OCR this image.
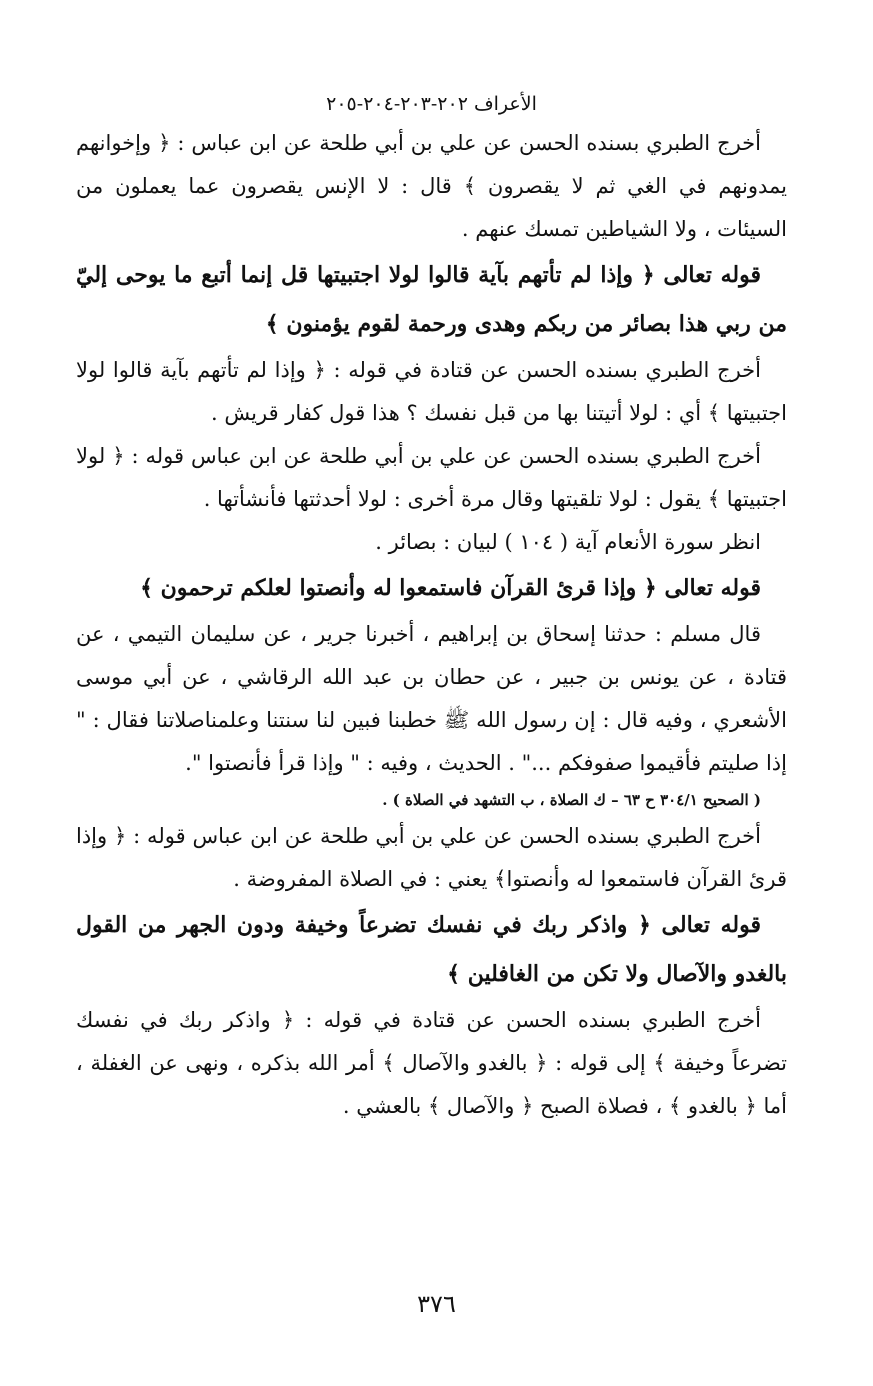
الأعراف ٢٠٢-٢٠٣-٢٠٤-٢٠٥

أخرج الطبري بسنده الحسن عن علي بن أبي طلحة عن ابن عباس : ﴿ وإخوانهم يمدونهم في الغي ثم لا يقصرون ﴾ قال : لا الإنس يقصرون عما يعملون من السيئات ، ولا الشياطين تمسك عنهم .

قوله تعالى ﴿ وإذا لم تأتهم بآية قالوا لولا اجتبيتها قل إنما أتبع ما يوحى إليّ من ربي هذا بصائر من ربكم وهدى ورحمة لقوم يؤمنون ﴾

أخرج الطبري بسنده الحسن عن قتادة في قوله : ﴿ وإذا لم تأتهم بآية قالوا لولا اجتبيتها ﴾ أي : لولا أتيتنا بها من قبل نفسك ؟ هذا قول كفار قريش .

أخرج الطبري بسنده الحسن عن علي بن أبي طلحة عن ابن عباس قوله : ﴿ لولا اجتبيتها ﴾ يقول : لولا تلقيتها وقال مرة أخرى : لولا أحدثتها فأنشأتها .

انظر سورة الأنعام آية ( ١٠٤ ) لبيان : بصائر .

قوله تعالى ﴿ وإذا قرئ القرآن فاستمعوا له وأنصتوا لعلكم ترحمون ﴾

قال مسلم : حدثنا إسحاق بن إبراهيم ، أخبرنا جرير ، عن سليمان التيمي ، عن قتادة ، عن يونس بن جبير ، عن حطان بن عبد الله الرقاشي ، عن أبي موسى الأشعري ، وفيه قال : إن رسول الله ﷺ خطبنا فبين لنا سنتنا وعلمناصلاتنا فقال : " إذا صليتم فأقيموا صفوفكم ..." . الحديث ، وفيه : " وإذا قرأ فأنصتوا ".

( الصحيح ٣٠٤/١ ح ٦٣ – ك الصلاة ، ب التشهد في الصلاة ) .

أخرج الطبري بسنده الحسن عن علي بن أبي طلحة عن ابن عباس قوله : ﴿ وإذا قرئ القرآن فاستمعوا له وأنصتوا﴾ يعني : في الصلاة المفروضة .

قوله تعالى ﴿ واذكر ربك في نفسك تضرعاً وخيفة ودون الجهر من القول بالغدو والآصال ولا تكن من الغافلين ﴾

أخرج الطبري بسنده الحسن عن قتادة في قوله : ﴿ واذكر ربك في نفسك تضرعاً وخيفة ﴾ إلى قوله : ﴿ بالغدو والآصال ﴾ أمر الله بذكره ، ونهى عن الغفلة ، أما ﴿ بالغدو ﴾ ، فصلاة الصبح ﴿ والآصال ﴾ بالعشي .

٣٧٦
